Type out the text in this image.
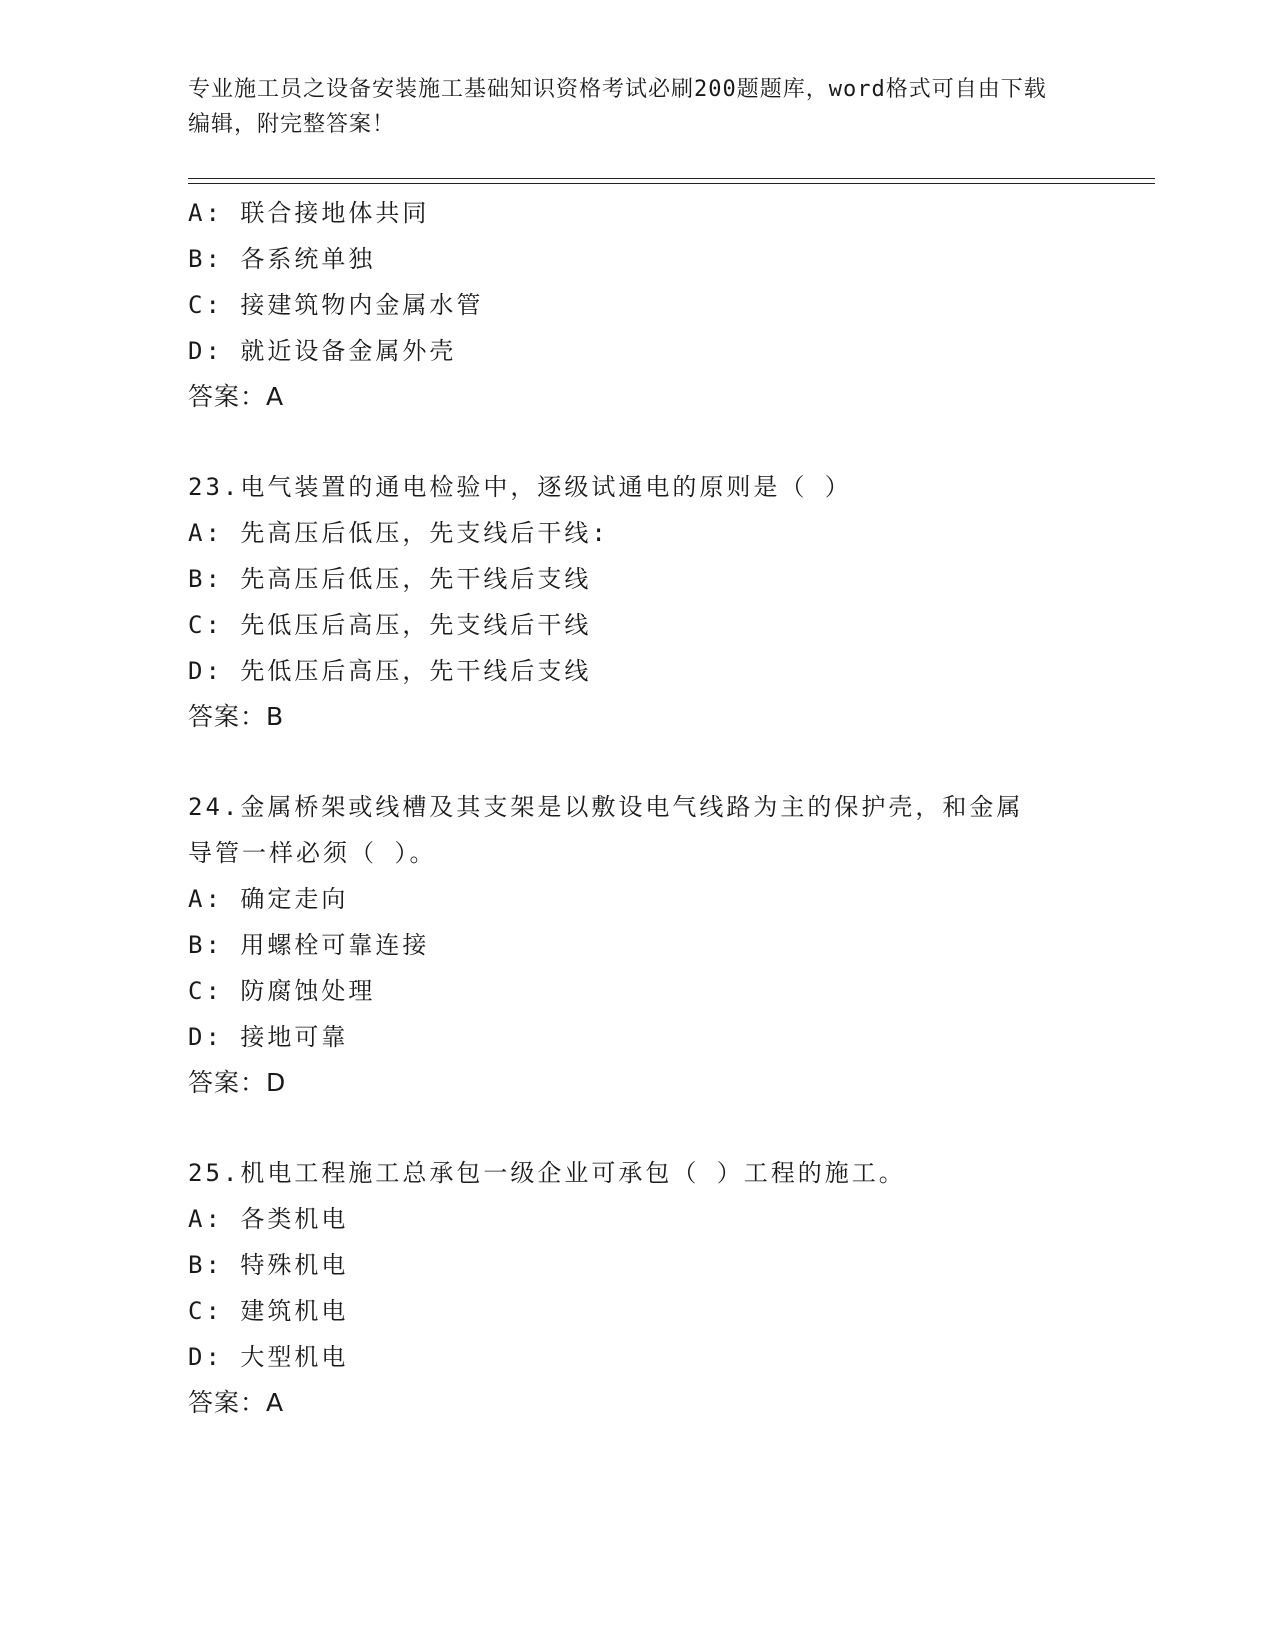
专业施工员之设备安装施工基础知识资格考试必刷200题题库，word格式可自由下载编辑，附完整答案！
A: 联合接地体共同
B: 各系统单独
C: 接建筑物内金属水管
D: 就近设备金属外壳
答案：A
23.电气装置的通电检验中，逐级试通电的原则是（ ）
A: 先高压后低压，先支线后干线:
B: 先高压后低压，先干线后支线
C: 先低压后高压，先支线后干线
D: 先低压后高压，先干线后支线
答案：B
24.金属桥架或线槽及其支架是以敷设电气线路为主的保护壳，和金属
导管一样必须（ ）。
A: 确定走向
B: 用螺栓可靠连接
C: 防腐蚀处理
D: 接地可靠
答案：D
25.机电工程施工总承包一级企业可承包（ ）工程的施工。
A: 各类机电
B: 特殊机电
C: 建筑机电
D: 大型机电
答案：A
